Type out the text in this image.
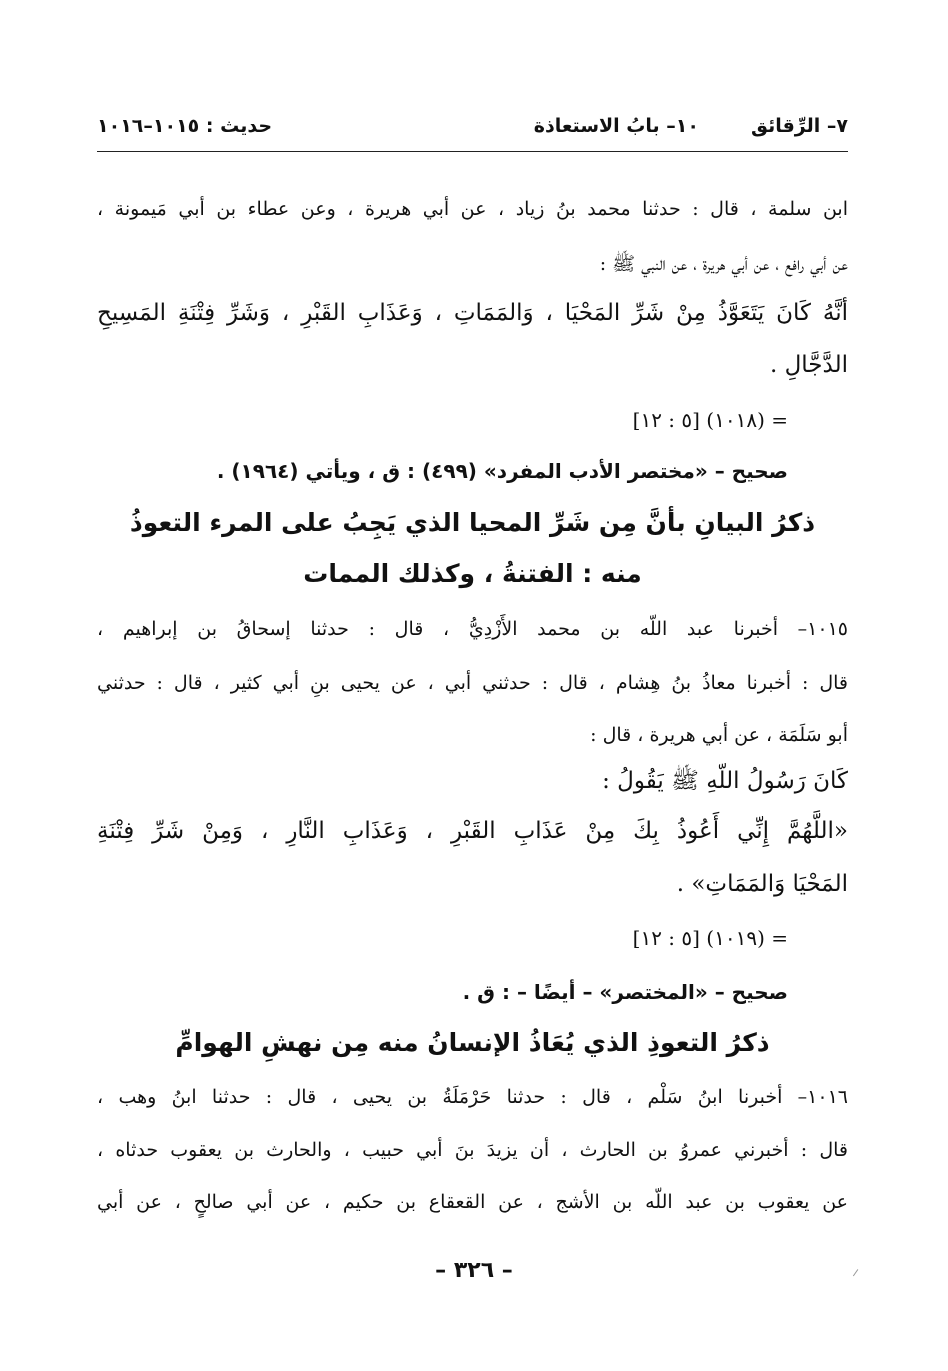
٧– الرِّقائق
١٠– بابُ الاستعاذة
حديث : ١٠١٥–١٠١٦
ابن سلمة ، قال : حدثنا محمد بنُ زياد ، عن أبي هريرة ، وعن عطاء بن أبي مَيمونة ،
عن أبي رافع ، عن أبي هريرة ، عن النبي ﷺ :
أنَّهُ كَانَ يَتَعَوَّذُ مِنْ شَرِّ المَحْيَا ، وَالمَمَاتِ ، وَعَذَابِ القَبْرِ ، وَشَرِّ فِتْنَةِ المَسِيحِ
الدَّجَّالِ .
= (١٠١٨) [٥ : ١٢]
صحيح – «مختصر الأدب المفرد» (٤٩٩) : ق ، ويأتي (١٩٦٤) .
ذكرُ البيانِ بأنَّ مِن شَرِّ المحيا الذي يَجِبُ على المرء التعوذُ
منه : الفتنةُ ، وكذلك الممات
١٠١٥– أخبرنا عبد اللّه بن محمد الأَزْدِيُّ ، قال : حدثنا إسحاقُ بن إبراهيم ،
قال : أخبرنا معاذُ بنُ هِشام ، قال : حدثني أبي ، عن يحيى بنِ أبي كثير ، قال : حدثني
أبو سَلَمَة ، عن أبي هريرة ، قال :
كَانَ رَسُولُ اللّهِ ﷺ يَقُولُ :
«اللَّهُمَّ إِنِّي أَعُوذُ بِكَ مِنْ عَذَابِ القَبْرِ ، وَعَذَابِ النَّارِ ، وَمِنْ شَرِّ فِتْنَةِ
المَحْيَا وَالمَمَاتِ» .
= (١٠١٩) [٥ : ١٢]
صحيح – «المختصر» – أيضًا – : ق .
ذكرُ التعوذِ الذي يُعَاذُ الإنسانُ منه مِن نهشِ الهوامِّ
١٠١٦– أخبرنا ابنُ سَلْم ، قال : حدثنا حَرْمَلَةُ بن يحيى ، قال : حدثنا ابنُ وهب ،
قال : أخبرني عمروُ بن الحارث ، أن يزيدَ بنَ أبي حبيب ، والحارث بن يعقوب حدثاه ،
عن يعقوب بن عبد اللّه بن الأشج ، عن القعقاع بن حكيم ، عن أبي صالحٍ ، عن أبي
– ٣٢٦ –
